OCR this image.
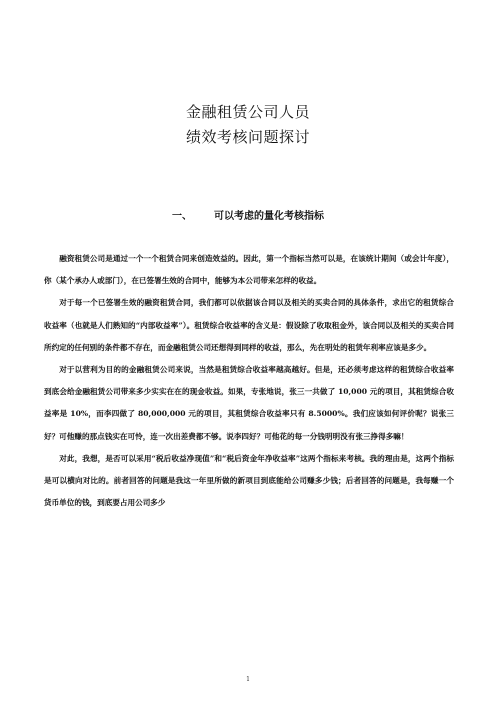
金融租赁公司人员
绩效考核问题探讨
一、 可以考虑的量化考核指标

融资租赁公司是通过一个一个租赁合同来创造效益的。因此，第一个指标当然可以是，在该统计期间（或会计年度），你（某个承办人或部门），在已签署生效的合同中，能够为本公司带来怎样的收益。

对于每一个已签署生效的融资租赁合同，我们都可以依据该合同以及相关的买卖合同的具体条件，求出它的租赁综合收益率（也就是人们熟知的“内部收益率”）。租赁综合收益率的含义是：假设除了收取租金外，该合同以及相关的买卖合同所约定的任何别的条件都不存在，而金融租赁公司还想得到同样的收益，那么，先在明处的租赁年利率应该是多少。

对于以营利为目的的金融租赁公司来说，当然是租赁综合收益率越高越好。但是，还必须考虑这样的租赁综合收益率到底会给金融租赁公司带来多少实实在在的现金收益。如果，专张地说，张三一共做了 10,000 元的项目，其租赁综合收益率是 10%，而李四做了 80,000,000 元的项目，其租赁综合收益率只有 8.5000%。我们应该如何评价呢？说张三好？可他赚的那点钱实在可怜，连一次出差费都不够。说李四好？可他花的每一分钱明明没有张三挣得多嘛！

对此，我想，是否可以采用“税后收益净现值”和“税后资金年净收益率”这两个指标来考核。我的理由是，这两个指标是可以横向对比的。前者回答的问题是我这一年里所做的新项目到底能给公司赚多少钱；后者回答的问题是，我每赚一个货币单位的钱，到底要占用公司多少

1
